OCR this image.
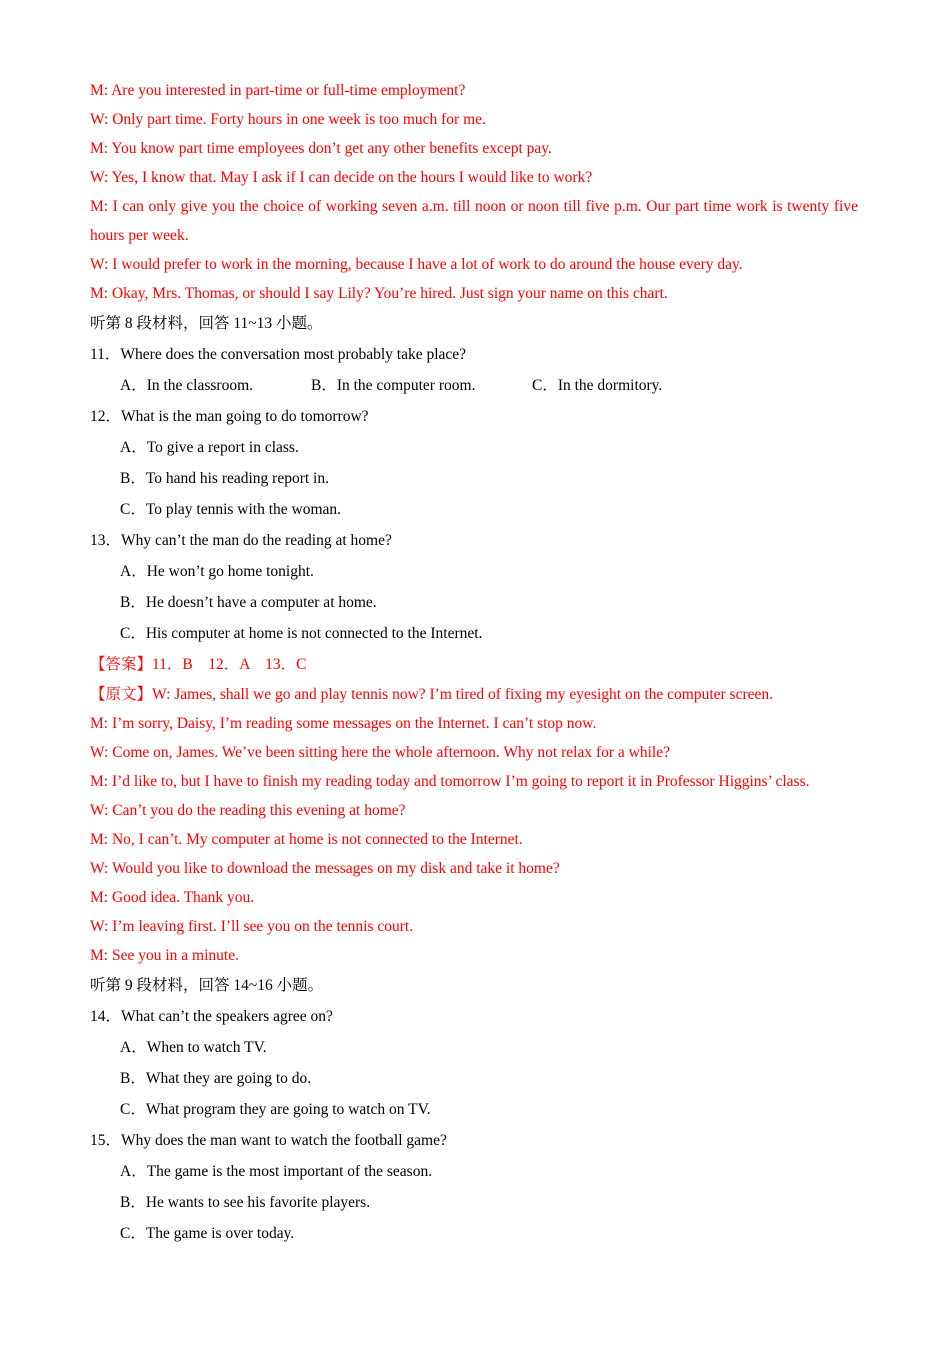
M: Are you interested in part-time or full-time employment?
W: Only part time. Forty hours in one week is too much for me.
M: You know part time employees don’t get any other benefits except pay.
W: Yes, I know that. May I ask if I can decide on the hours I would like to work?
M: I can only give you the choice of working seven a.m. till noon or noon till five p.m. Our part time work is twenty five hours per week.
W: I would prefer to work in the morning, because I have a lot of work to do around the house every day.
M: Okay, Mrs. Thomas, or should I say Lily? You’re hired. Just sign your name on this chart.
听第 8 段材料，回答 11~13 小题。
11．Where does the conversation most probably take place?
A．In the classroom.	B．In the computer room.	C．In the dormitory.
12．What is the man going to do tomorrow?
A．To give a report in class.
B．To hand his reading report in.
C．To play tennis with the woman.
13．Why can’t the man do the reading at home?
A．He won’t go home tonight.
B．He doesn’t have a computer at home.
C．His computer at home is not connected to the Internet.
【答案】11．B　12．A　13．C
【原文】W: James, shall we go and play tennis now? I’m tired of fixing my eyesight on the computer screen.
M: I’m sorry, Daisy, I’m reading some messages on the Internet. I can’t stop now.
W: Come on, James. We’ve been sitting here the whole afternoon. Why not relax for a while?
M: I’d like to, but I have to finish my reading today and tomorrow I’m going to report it in Professor Higgins’ class.
W: Can’t you do the reading this evening at home?
M: No, I can’t. My computer at home is not connected to the Internet.
W: Would you like to download the messages on my disk and take it home?
M: Good idea. Thank you.
W: I’m leaving first. I’ll see you on the tennis court.
M: See you in a minute.
听第 9 段材料，回答 14~16 小题。
14．What can’t the speakers agree on?
A．When to watch TV.
B．What they are going to do.
C．What program they are going to watch on TV.
15．Why does the man want to watch the football game?
A．The game is the most important of the season.
B．He wants to see his favorite players.
C．The game is over today.
